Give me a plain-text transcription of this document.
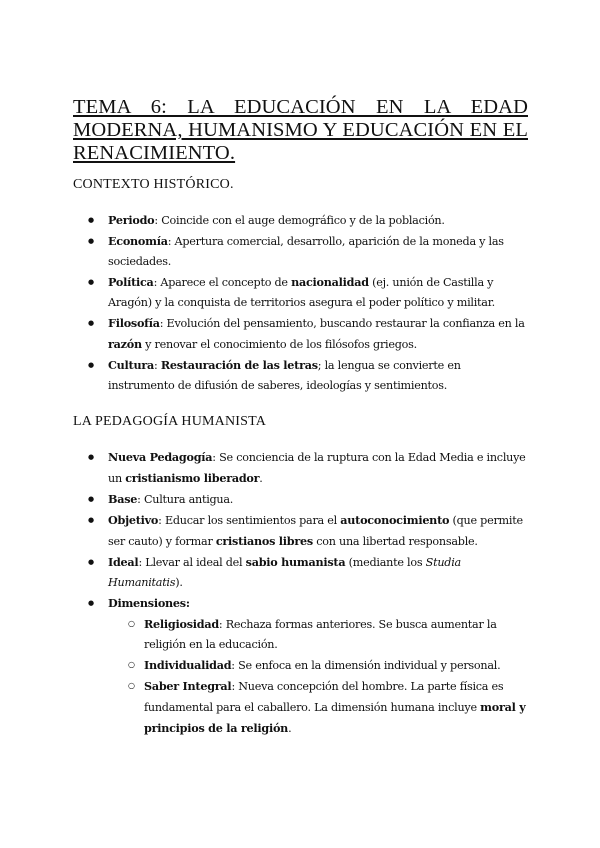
TEMA 6: LA EDUCACIÓN EN LA EDAD
MODERNA, HUMANISMO Y EDUCACIÓN EN EL
RENACIMIENTO.
CONTEXTO HISTÓRICO.
● Periodo: Coincide con el auge demográfico y de la población.
● Economía: Apertura comercial, desarrollo, aparición de la moneda y las sociedades.
● Política: Aparece el concepto de nacionalidad (ej. unión de Castilla y Aragón) y la conquista de territorios asegura el poder político y militar.
● Filosofía: Evolución del pensamiento, buscando restaurar la confianza en la razón y renovar el conocimiento de los filósofos griegos.
● Cultura: Restauración de las letras; la lengua se convierte en instrumento de difusión de saberes, ideologías y sentimientos.
LA PEDAGOGÍA HUMANISTA
● Nueva Pedagogía: Se conciencia de la ruptura con la Edad Media e incluye un cristianismo liberador.
● Base: Cultura antigua.
● Objetivo: Educar los sentimientos para el autoconocimiento (que permite ser cauto) y formar cristianos libres con una libertad responsable.
● Ideal: Llevar al ideal del sabio humanista (mediante los Studia Humanitatis).
● Dimensiones:
○ Religiosidad: Rechaza formas anteriores. Se busca aumentar la religión en la educación.
○ Individualidad: Se enfoca en la dimensión individual y personal.
○ Saber Integral: Nueva concepción del hombre. La parte física es fundamental para el caballero. La dimensión humana incluye moral y principios de la religión.
